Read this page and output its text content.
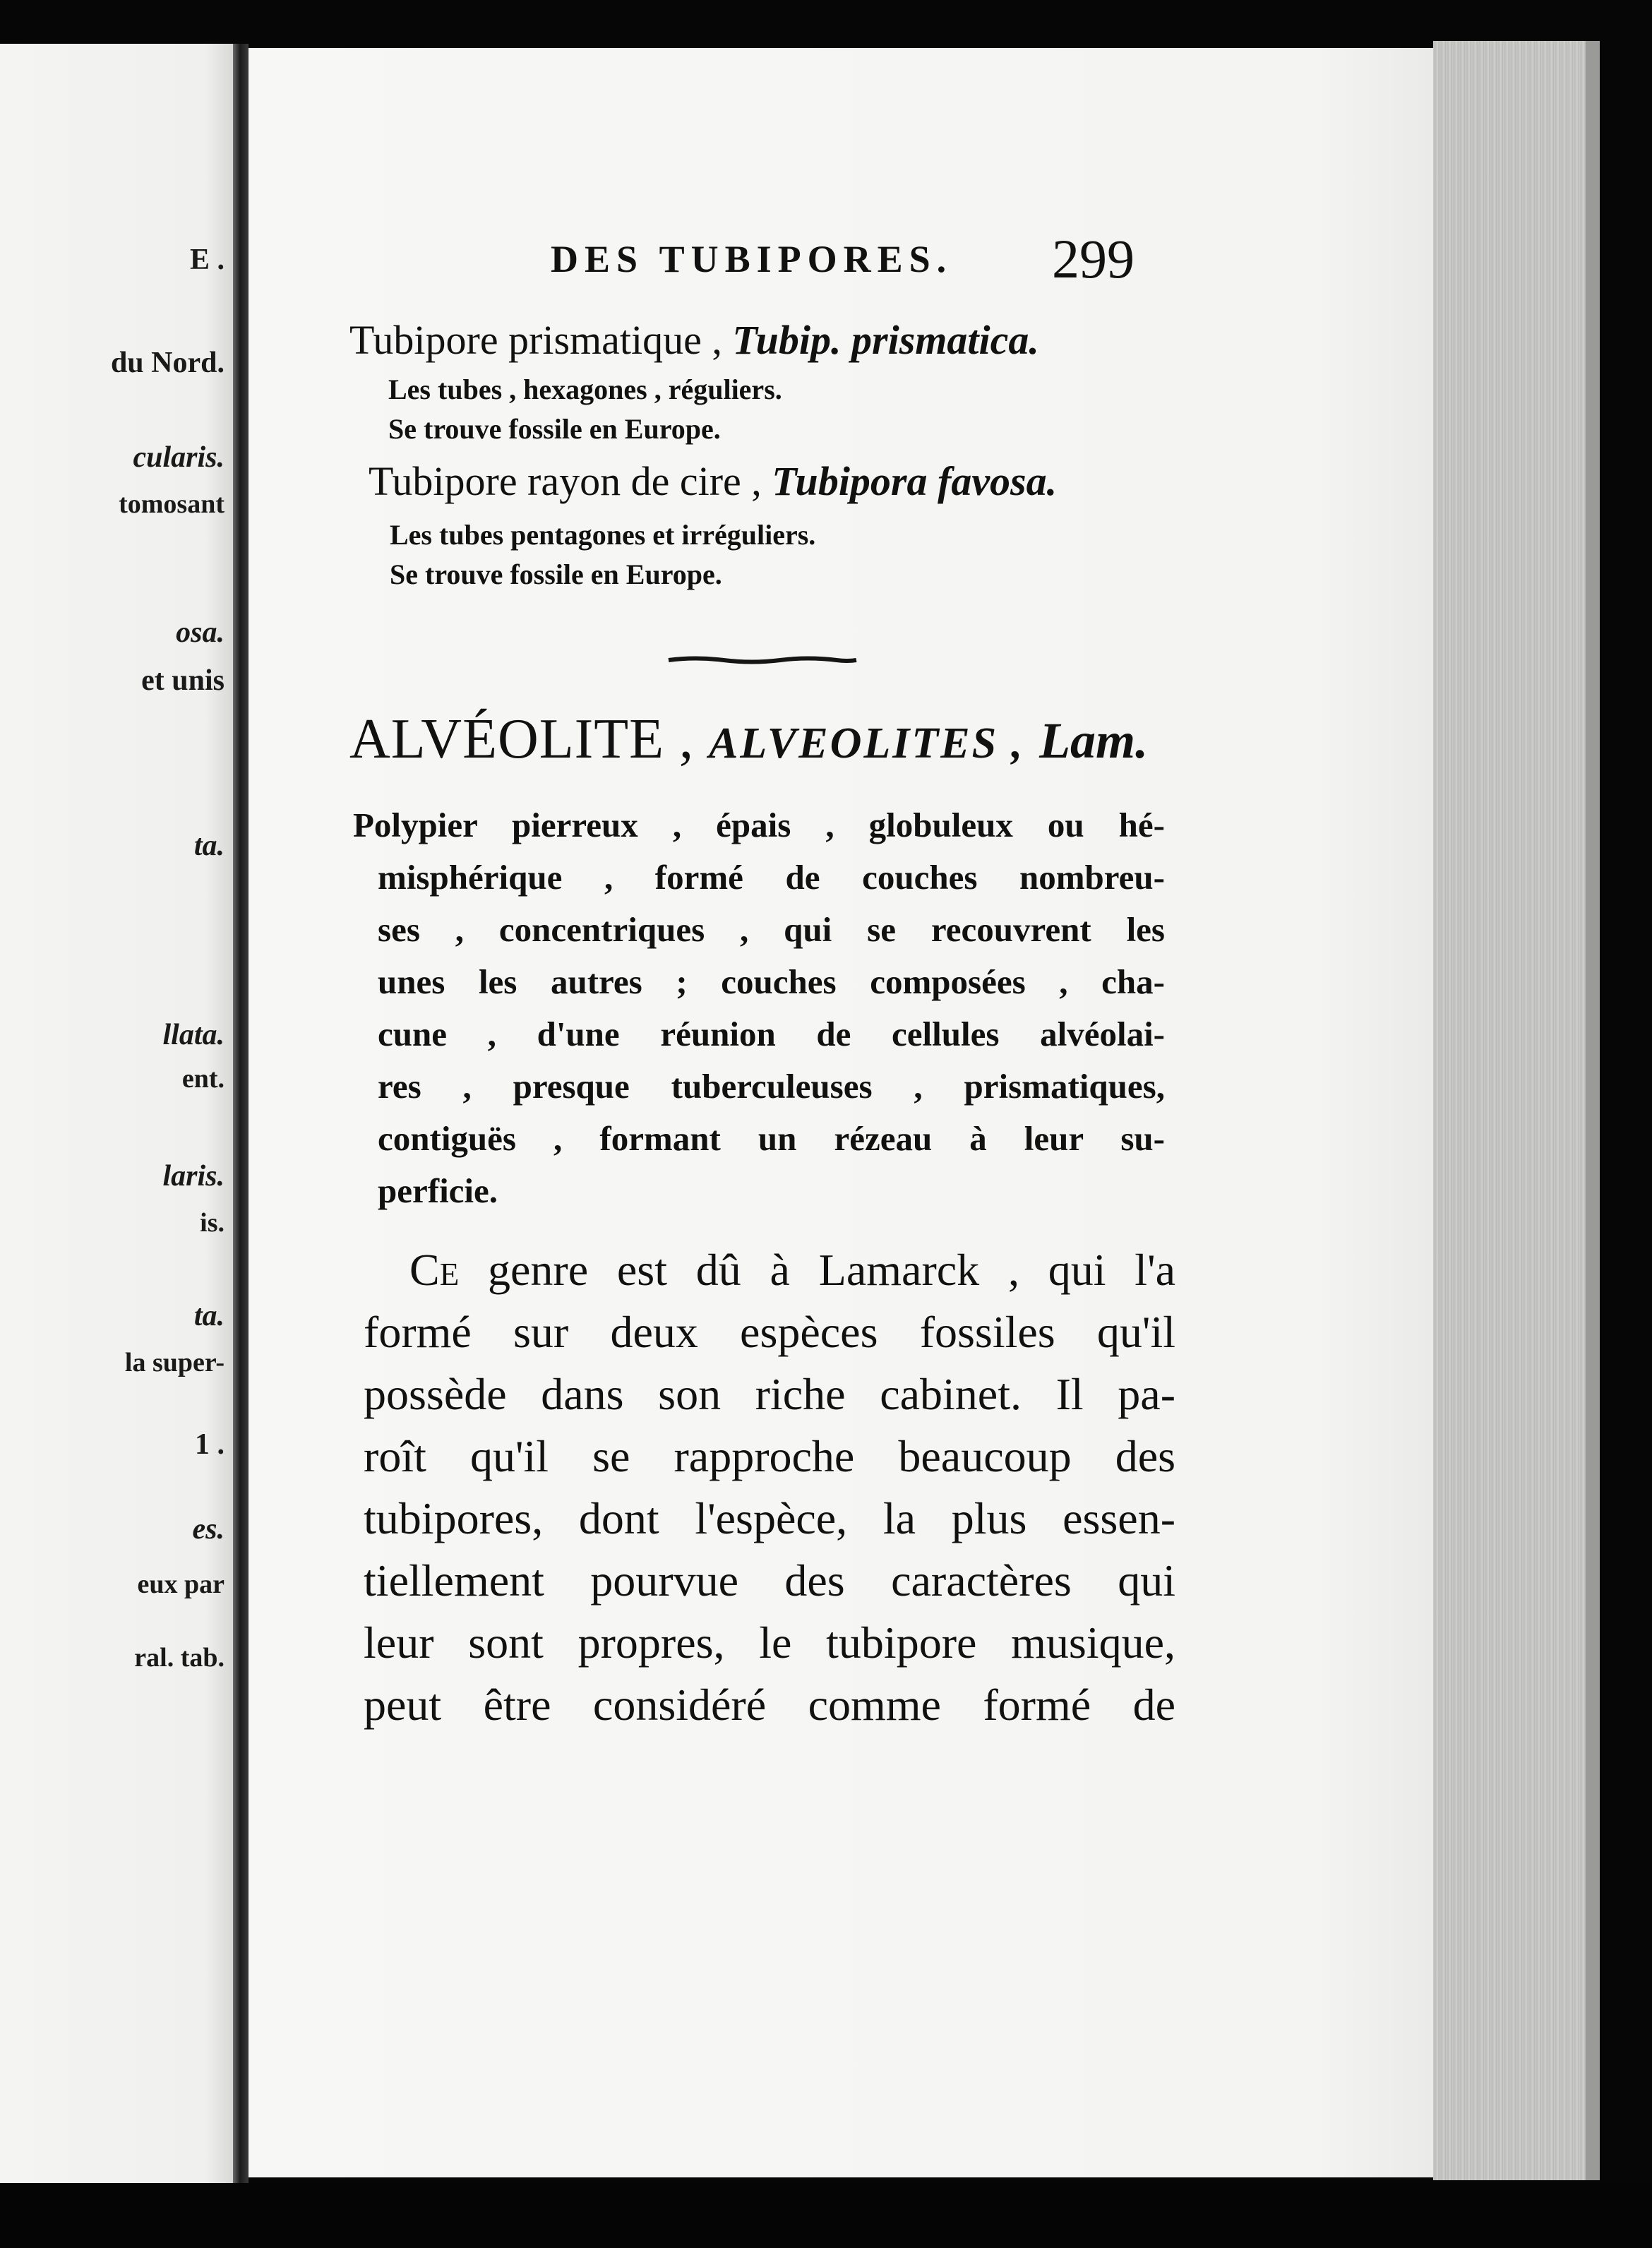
E .
du Nord.
cularis.
tomosant
osa.
et unis
ta.
llata.
ent.
laris.
is.
ta.
la super-
1 .
es.
eux par
ral. tab.
DES TUBIPORES. 299
Tubipore prismatique , Tubip. prismatica.
Les tubes , hexagones , réguliers.
Se trouve fossile en Europe.
Tubipore rayon de cire , Tubipora favosa.
Les tubes pentagones et irréguliers.
Se trouve fossile en Europe.
ALVÉOLITE , ALVEOLITES , Lam.
Polypier pierreux , épais , globuleux ou hé-
misphérique , formé de couches nombreu-
ses , concentriques , qui se recouvrent les
unes les autres ; couches composées , cha-
cune , d'une réunion de cellules alvéolai-
res , presque tuberculeuses , prismatiques,
contiguës , formant un rézeau à leur su-
perficie.
Ce genre est dû à Lamarck , qui l'a
formé sur deux espèces fossiles qu'il
possède dans son riche cabinet. Il pa-
roît qu'il se rapproche beaucoup des
tubipores, dont l'espèce, la plus essen-
tiellement pourvue des caractères qui
leur sont propres, le tubipore musique,
peut être considéré comme formé de
